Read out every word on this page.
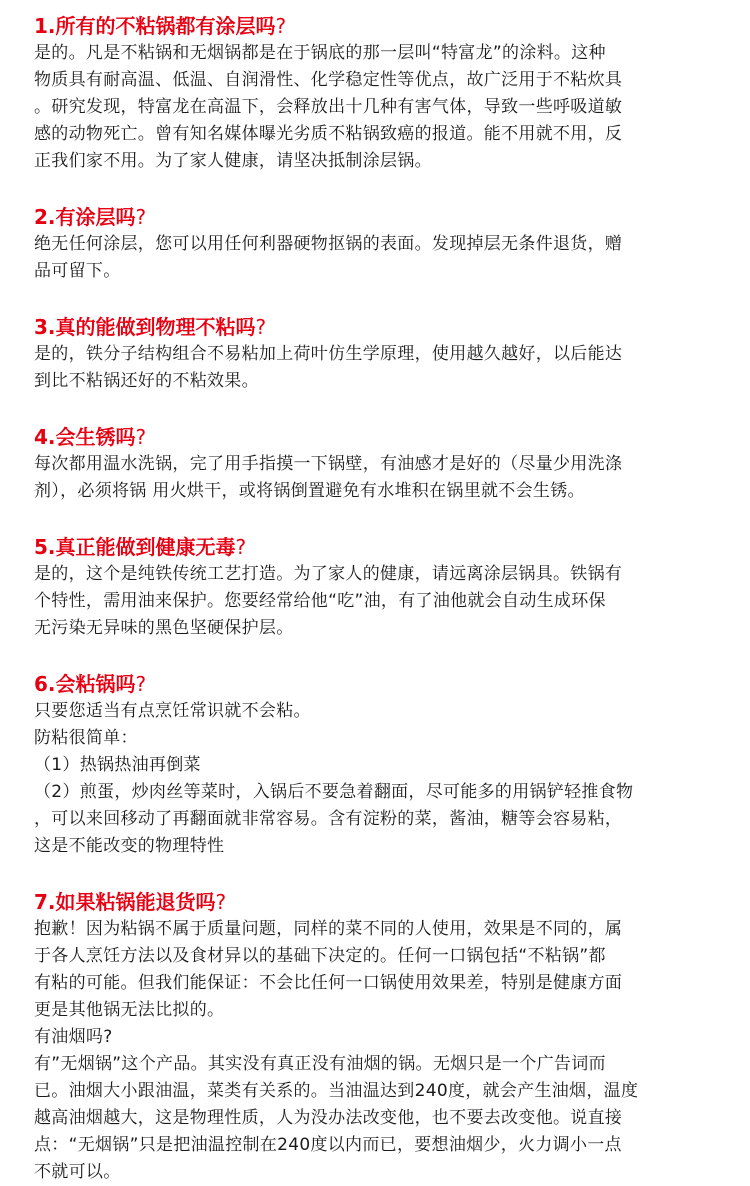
1.所有的不粘锅都有涂层吗?
是的。凡是不粘锅和无烟锅都是在于锅底的那一层叫“特富龙”的涂料。这种
物质具有耐高温、低温、自润滑性、化学稳定性等优点，故广泛用于不粘炊具
。研究发现，特富龙在高温下，会释放出十几种有害气体，导致一些呼吸道敏
感的动物死亡。曾有知名媒体曝光劣质不粘锅致癌的报道。能不用就不用，反
正我们家不用。为了家人健康，请坚决抵制涂层锅。
2.有涂层吗?
绝无任何涂层，您可以用任何利器硬物抠锅的表面。发现掉层无条件退货，赠
品可留下。
3.真的能做到物理不粘吗?
是的，铁分子结构组合不易粘加上荷叶仿生学原理，使用越久越好，以后能达
到比不粘锅还好的不粘效果。
4.会生锈吗?
每次都用温水洗锅，完了用手指摸一下锅壁，有油感才是好的（尽量少用洗涤
剂），必须将锅 用火烘干，或将锅倒置避免有水堆积在锅里就不会生锈。
5.真正能做到健康无毒?
是的，这个是纯铁传统工艺打造。为了家人的健康，请远离涂层锅具。铁锅有
个特性，需用油来保护。您要经常给他“吃”油，有了油他就会自动生成环保
无污染无异味的黑色坚硬保护层。
6.会粘锅吗?
只要您适当有点烹饪常识就不会粘。
防粘很简单：
（1）热锅热油再倒菜
（2）煎蛋，炒肉丝等菜时，入锅后不要急着翻面，尽可能多的用锅铲轻推食物
，可以来回移动了再翻面就非常容易。含有淀粉的菜，酱油，糖等会容易粘，
这是不能改变的物理特性
7.如果粘锅能退货吗?
抱歉！因为粘锅不属于质量问题，同样的菜不同的人使用，效果是不同的，属
于各人烹饪方法以及食材异以的基础下决定的。任何一口锅包括“不粘锅”都
有粘的可能。但我们能保证：不会比任何一口锅使用效果差，特别是健康方面
更是其他锅无法比拟的。
有油烟吗?
有”无烟锅”这个产品。其实没有真正没有油烟的锅。无烟只是一个广告词而
已。油烟大小跟油温，菜类有关系的。当油温达到240度，就会产生油烟，温度
越高油烟越大，这是物理性质，人为没办法改变他，也不要去改变他。说直接
点：“无烟锅”只是把油温控制在240度以内而已，要想油烟少，火力调小一点
不就可以。
